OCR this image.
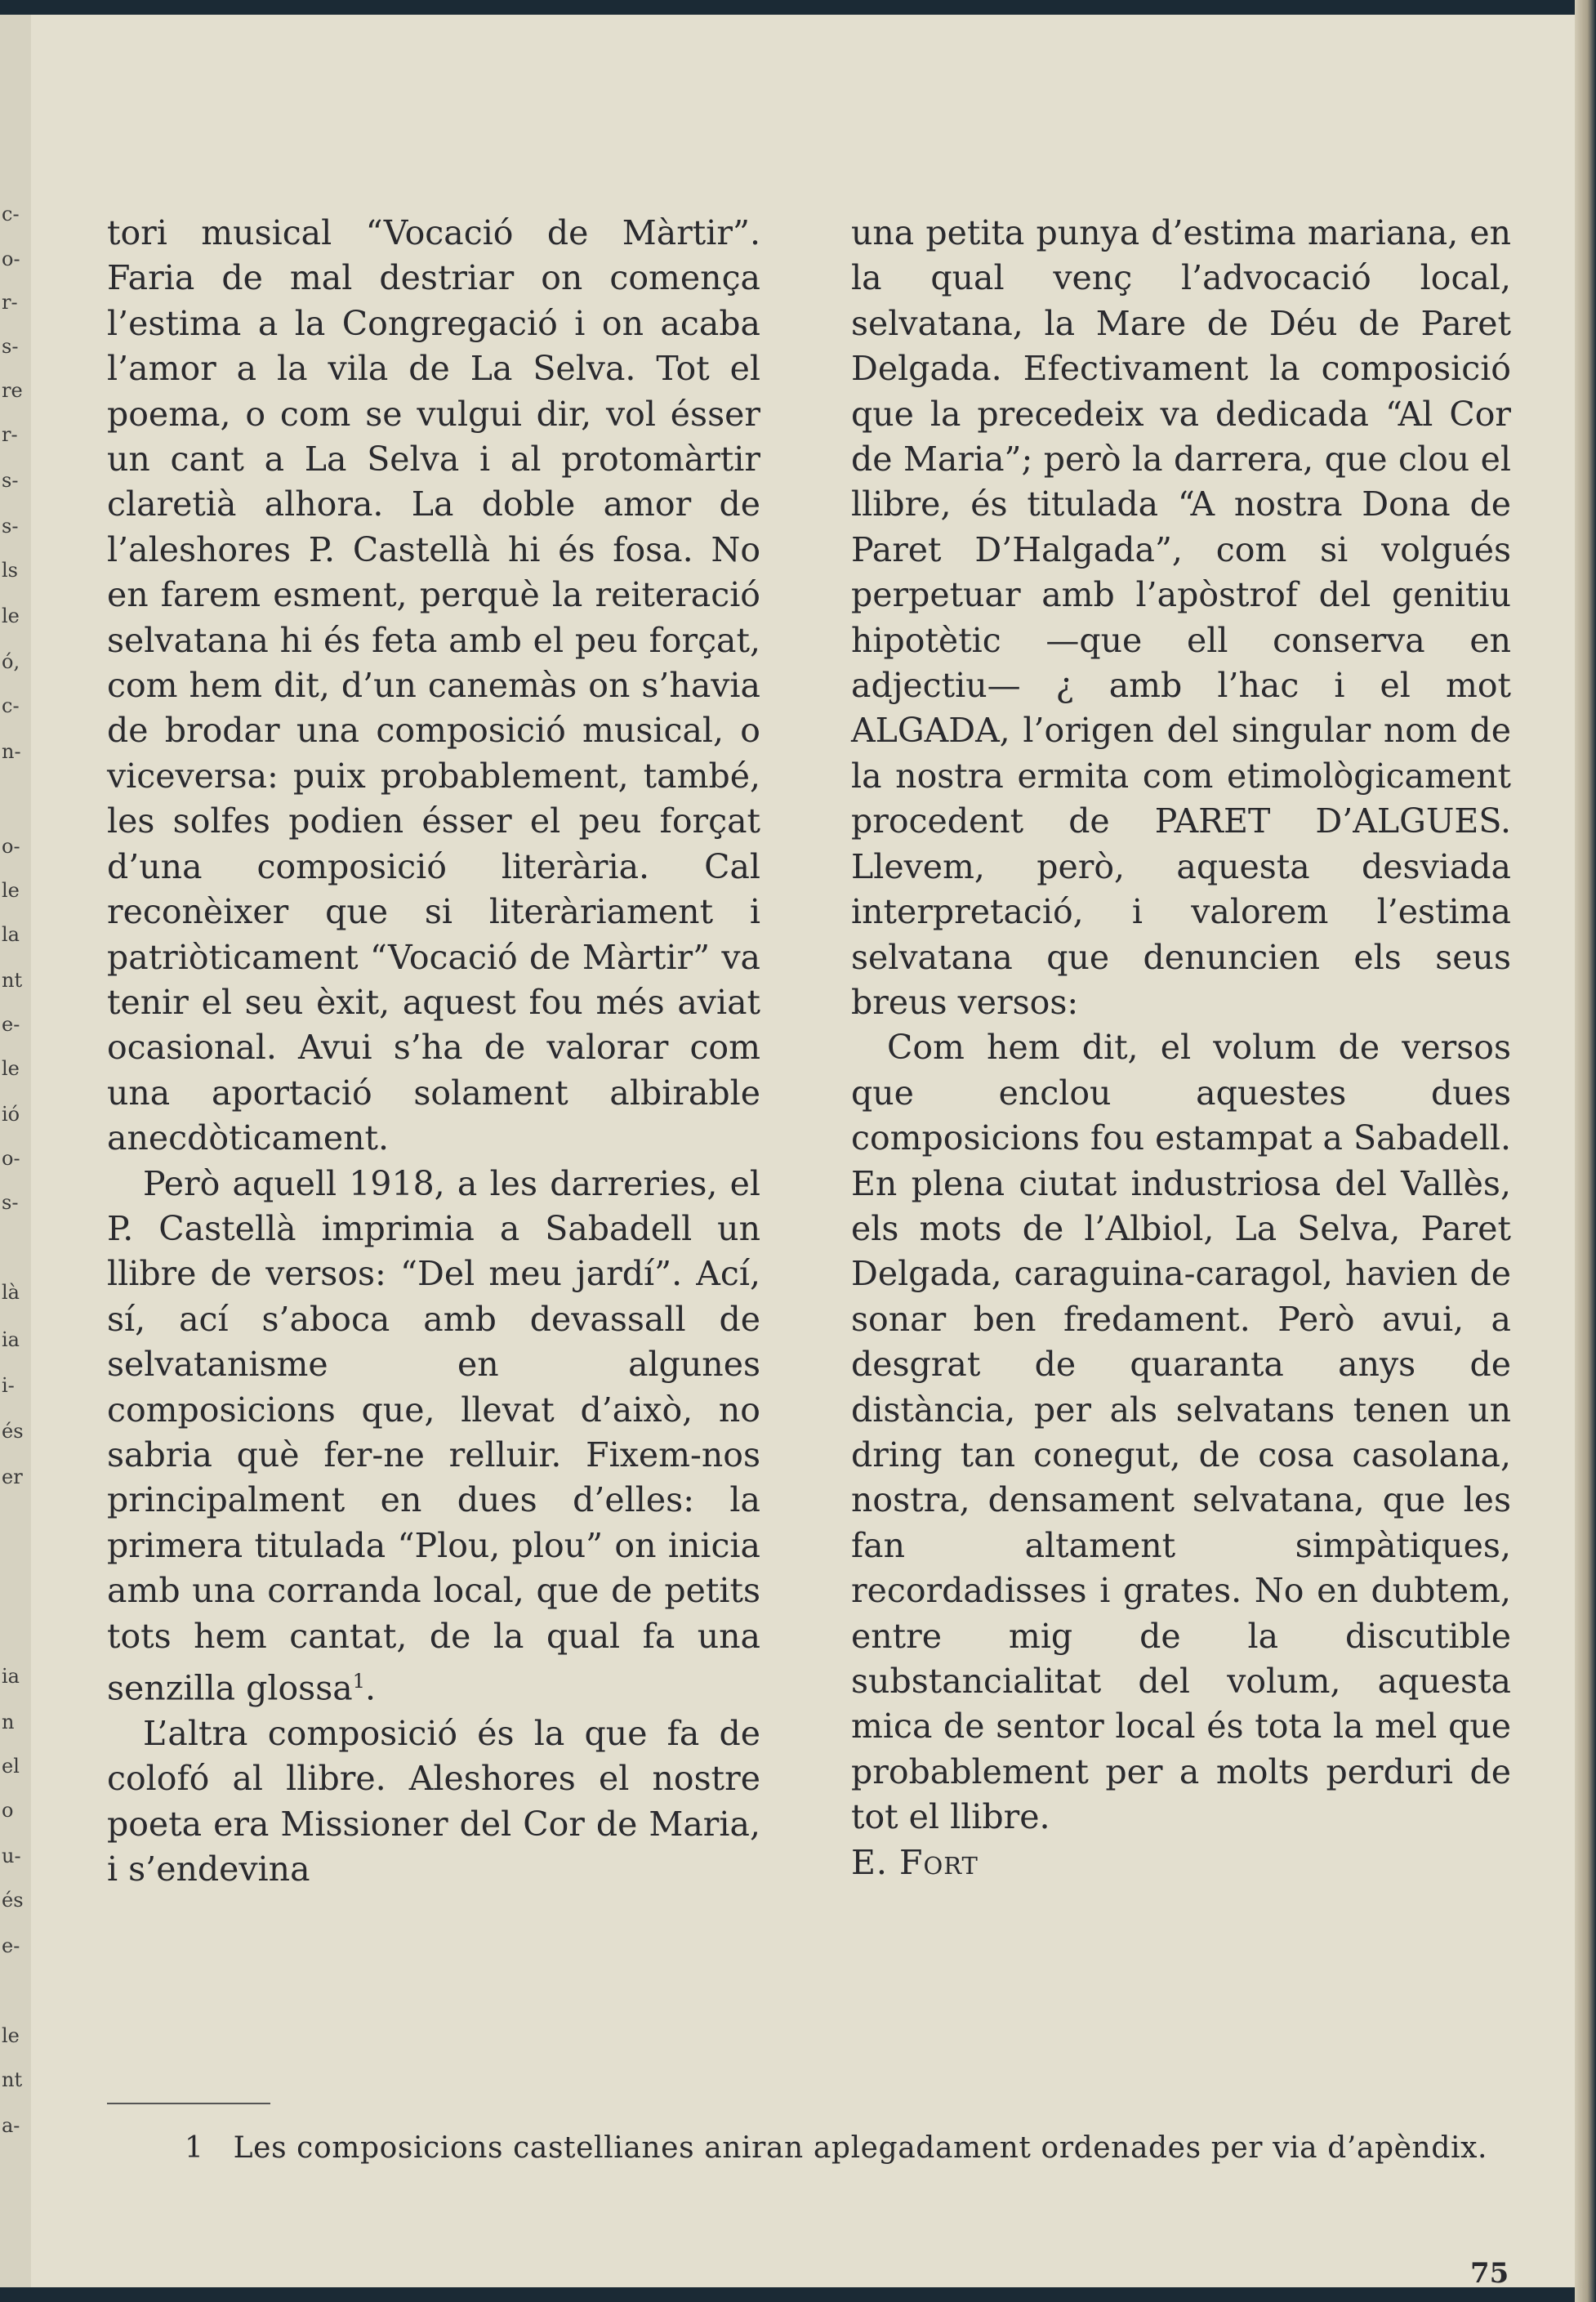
c-
o-
r-
s-
re
r-
s-
s-
ls
le
ó,
c-
n-
o-
le
la
nt
e-
le
ió
o-
s-
là
ia
i-
és
er
ia
n
el
o
u-
és
e-
le
nt
a-

tori musical “Vocació de Màrtir”. Faria de mal destriar on comença l’estima a la Congregació i on acaba l’amor a la vila de La Selva. Tot el poema, o com se vulgui dir, vol ésser un cant a La Selva i al protomàrtir claretià alhora. La doble amor de l’aleshores P. Castellà hi és fosa. No en farem esment, perquè la reiteració selvatana hi és feta amb el peu forçat, com hem dit, d’un canemàs on s’havia de brodar una composició musical, o viceversa: puix probablement, també, les solfes podien ésser el peu forçat d’una composició literària. Cal reconèixer que si literàriament i patriòticament “Vocació de Màrtir” va tenir el seu èxit, aquest fou més aviat ocasional. Avui s’ha de valorar com una aportació solament albirable anecdòticament.

Però aquell 1918, a les darreries, el P. Castellà imprimia a Sabadell un llibre de versos: “Del meu jardí”. Ací, sí, ací s’aboca amb devassall de selvatanisme en algunes composicions que, llevat d’això, no sabria què fer-ne relluir. Fixem-nos principalment en dues d’elles: la primera titulada “Plou, plou” on inicia amb una corranda local, que de petits tots hem cantat, de la qual fa una senzilla glossa$^1$.

L’altra composició és la que fa de colofó al llibre. Aleshores el nostre poeta era Missioner del Cor de Maria, i s’endevina

una petita punya d’estima mariana, en la qual venç l’advocació local, selvatana, la Mare de Déu de Paret Delgada. Efectivament la composició que la precedeix va dedicada “Al Cor de Maria”; però la darrera, que clou el llibre, és titulada “A nostra Dona de Paret D’Halgada”, com si volgués perpetuar amb l’apòstrof del genitiu hipotètic —que ell conserva en adjectiu— ¿ amb l’hac i el mot ALGADA, l’origen del singular nom de la nostra ermita com etimològicament procedent de PARET D’ALGUES. Llevem, però, aquesta desviada interpretació, i valorem l’estima selvatana que denuncien els seus breus versos:

Com hem dit, el volum de versos que enclou aquestes dues composicions fou estampat a Sabadell. En plena ciutat industriosa del Vallès, els mots de l’Albiol, La Selva, Paret Delgada, caraguina-caragol, havien de sonar ben fredament. Però avui, a desgrat de quaranta anys de distància, per als selvatans tenen un dring tan conegut, de cosa casolana, nostra, densament selvatana, que les fan altament simpàtiques, recordadisses i grates. No en dubtem, entre mig de la discutible substancialitat del volum, aquesta mica de sentor local és tota la mel que probablement per a molts perduri de tot el llibre.

E. Fort

1 Les composicions castellianes aniran aplegadament ordenades per via d’apèndix.
75
